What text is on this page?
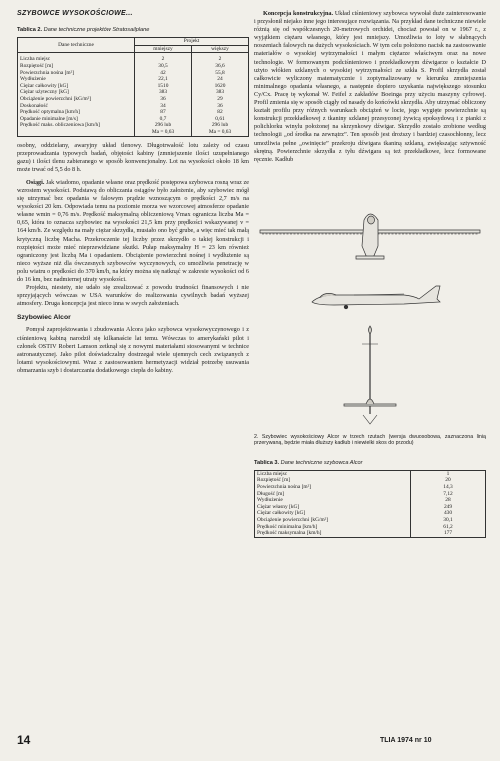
SZYBOWCE WYSOKOŚCIOWE...
Tablica 2. Dane techniczne projektów Stratosailplane
Dane techniczne	Projekt	
	mniejszy	większy
Liczba miejsc	2	2
Rozpiętość [m]	30,5	36,6
Powierzchnia nośna [m²]	42	55,8
Wydłużenie	22,1	24
Ciężar całkowity [kG]	1510	1620
Ciężar użyteczny [kG]	383	383
Obciążenie powierzchni [kG/m²]	36	29
Doskonałość	34	36
Prędkość optymalna [km/h]	87	82
Opadanie minimalne [m/s]	0,7	0,61
Prędkość maks. obliczeniowa [km/h]	296 lub	296 lub
	Ma = 0,63	Ma = 0,63

osobny, oddzielany, awaryjny układ tlenowy. Długotrwałość lotu zależy od czasu przeprowadzania typowych badań, objętości kabiny (zmniejszenie ilości uzupełnianego gazu) i ilości tlenu zabieranego w sposób konwencjonalny. Lot na wysokości około 18 km może trwać od 5,5 do 8 h.

Osiągi. Jak wiadomo, opadanie własne oraz prędkość postępowa szybowca rosną wraz ze wzrostem wysokości. Podstawą do obliczania osiągów było założenie, aby szybowiec mógł się utrzymać bez opadania w falowym prądzie wznoszącym o prędkości 2,7 m/s na wysokości 20 km. Odpowiada temu na poziomie morza we wzorcowej atmosferze opadanie własne wmin = 0,76 m/s. Prędkość maksymalną obliczeniową Vmax ogranicza liczba Ma = 0,65, która to oznacza szybowiec na wysokości 21,5 km przy prędkości wskazywanej v = 164 km/h. Ze względu na mały ciężar skrzydła, musiało ono być grube, a więc mieć tak małą krytyczną liczbę Macha. Przekroczenie tej liczby przez skrzydło o takiej konstrukcji i rozpiętości może mieć nieprzewidziane skutki. Pułap maksymalny H = 23 km również ograniczony jest liczbą Ma i opadaniem. Obciążenie powierzchni nośnej i wydłużenie są nieco wyższe niż dla ówczesnych szybowców wyczynowych, co umożliwia penetrację w polu wiatru o prędkości do 370 km/h, na który można się natknąć w zakresie wysokości od 6 do 16 km, bez nadmiernej utraty wysokości.

Projektu, niestety, nie udało się zrealizować z powodu trudności finansowych i nie sprzyjających wówczas w USA warunków do realizowania cywilnych badań wyższej atmosfery. Druga koncepcja jest nieco inna w swych założeniach.

Szybowiec Alcor

Pomysł zaprojektowania i zbudowania Alcora jako szybowca wysokowyczynowego i z ciśnieniową kabiną narodził się kilkanaście lat temu. Wówczas to amerykański pilot i członek OSTIV Robert Lamson zetknął się z nowymi materiałami stosowanymi w technice astronautycznej. Jako pilot doświadczalny dostrzegał wiele ujemnych cech związanych z lotami wysokościowymi. Wraz z zastosowaniem hermetyzacji widział potrzebę usuwania obmarzania szyb i dostarczania dodatkowego ciepła do kabiny.

Koncepcja konstrukcyjna. Układ ciśnieniowy szybowca wywołał duże zainteresowanie i przysłonił niejako inne jego interesujące rozwiązania. Na przykład dane techniczne niewiele różnią się od współczesnych 20-metrowych orchidei, chociaż powstał on w 1967 r., z wyjątkiem ciężaru własnego, który jest mniejszy. Umożliwia to loty w słabnących noszeniach falowych na dużych wysokościach. W tym celu położono nacisk na zastosowanie materiałów o wysokiej wytrzymałości i małym ciężarze właściwym oraz na nowe technologie. W formowanym podciśnieniowo i przekładkowym dźwigarze o kształcie D użyto włókien szklanych o wysokiej wytrzymałości ze szkła S. Profil skrzydła został całkowicie wyliczony matematycznie i zoptymalizowany w kierunku zmniejszenia minimalnego opadania własnego, a następnie dopiero uzyskania największego stosunku Cy/Cx. Pracę tę wykonał W. Feifel z zakładów Boeinga przy użyciu maszyny cyfrowej. Profil zmienia się w sposób ciągły od nasady do końcówki skrzydła. Aby utrzymać obliczony kształt profilu przy różnych warunkach obciążeń w locie, jego wygięte powierzchnie są konstrukcji przekładkowej z tkaniny szklanej przesyconej żywicą epoksydową i z pianki z polichlorku winylu położonej na skrzynkowy dźwigar. Skrzydło zostało zrobione według technologii „od środka na zewnątrz”. Ten sposób jest droższy i bardziej czasochłonny, lecz umożliwia pełne „owinięcie” przekroju dźwigara tkaniną szklaną, zwiększając sztywność skrętną. Powierzchnie skrzydła z tyłu dźwigara są też przekładkowe, lecz formowane ręcznie. Kadłub

2. Szybowiec wysokościowy Alcor w trzech rzutach (wersja dwuosobowa, zaznaczona linią przerywaną, będzie miała dłuższy kadłub i niewielki skos do przodu)
Tablica 3. Dane techniczne szybowca Alcor
Liczba miejsc	1
Rozpiętość [m]	20
Powierzchnia nośna [m²]	14,3
Długość [m]	7,12
Wydłużenie	28
Ciężar własny [kG]	249
Ciężar całkowity [kG]	430
Obciążenie powierzchni [kG/m²]	30,1
Prędkość minimalna [km/h]	61,2
Prędkość maksymalna [km/h]	177
14	TLIA 1974 nr 10
